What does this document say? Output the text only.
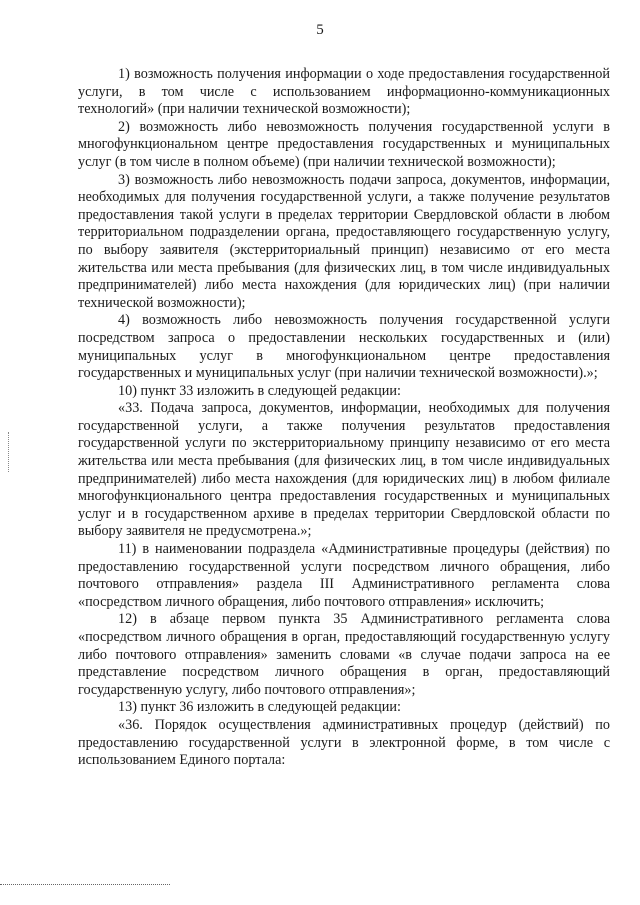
5

1) возможность получения информации о ходе предоставления государственной услуги, в том числе с использованием информационно-коммуникационных технологий» (при наличии технической возможности);

2) возможность либо невозможность получения государственной услуги в многофункциональном центре предоставления государственных и муниципальных услуг (в том числе в полном объеме) (при наличии технической возможности);

3) возможность либо невозможность подачи запроса, документов, информации, необходимых для получения государственной услуги, а также получение результатов предоставления такой услуги в пределах территории Свердловской области в любом территориальном подразделении органа, предоставляющего государственную услугу, по выбору заявителя (экстерриториальный принцип) независимо от его места жительства или места пребывания (для физических лиц, в том числе индивидуальных предпринимателей) либо места нахождения (для юридических лиц) (при наличии технической возможности);

4) возможность либо невозможность получения государственной услуги посредством запроса о предоставлении нескольких государственных и (или) муниципальных услуг в многофункциональном центре предоставления государственных и муниципальных услуг (при наличии технической возможности).»;

10) пункт 33 изложить в следующей редакции:

«33. Подача запроса, документов, информации, необходимых для получения государственной услуги, а также получения результатов предоставления государственной услуги по экстерриториальному принципу независимо от его места жительства или места пребывания (для физических лиц, в том числе индивидуальных предпринимателей) либо места нахождения (для юридических лиц) в любом филиале многофункционального центра предоставления государственных и муниципальных услуг и в государственном архиве в пределах территории Свердловской области по выбору заявителя не предусмотрена.»;

11) в наименовании подраздела «Административные процедуры (действия) по предоставлению государственной услуги посредством личного обращения, либо почтового отправления» раздела III Административного регламента слова «посредством личного обращения, либо почтового отправления» исключить;

12) в абзаце первом пункта 35 Административного регламента слова «посредством личного обращения в орган, предоставляющий государственную услугу либо почтового отправления» заменить словами «в случае подачи запроса на ее представление посредством личного обращения в орган, предоставляющий государственную услугу, либо почтового отправления»;

13) пункт 36 изложить в следующей редакции:

«36. Порядок осуществления административных процедур (действий) по предоставлению государственной услуги в электронной форме, в том числе с использованием Единого портала:
